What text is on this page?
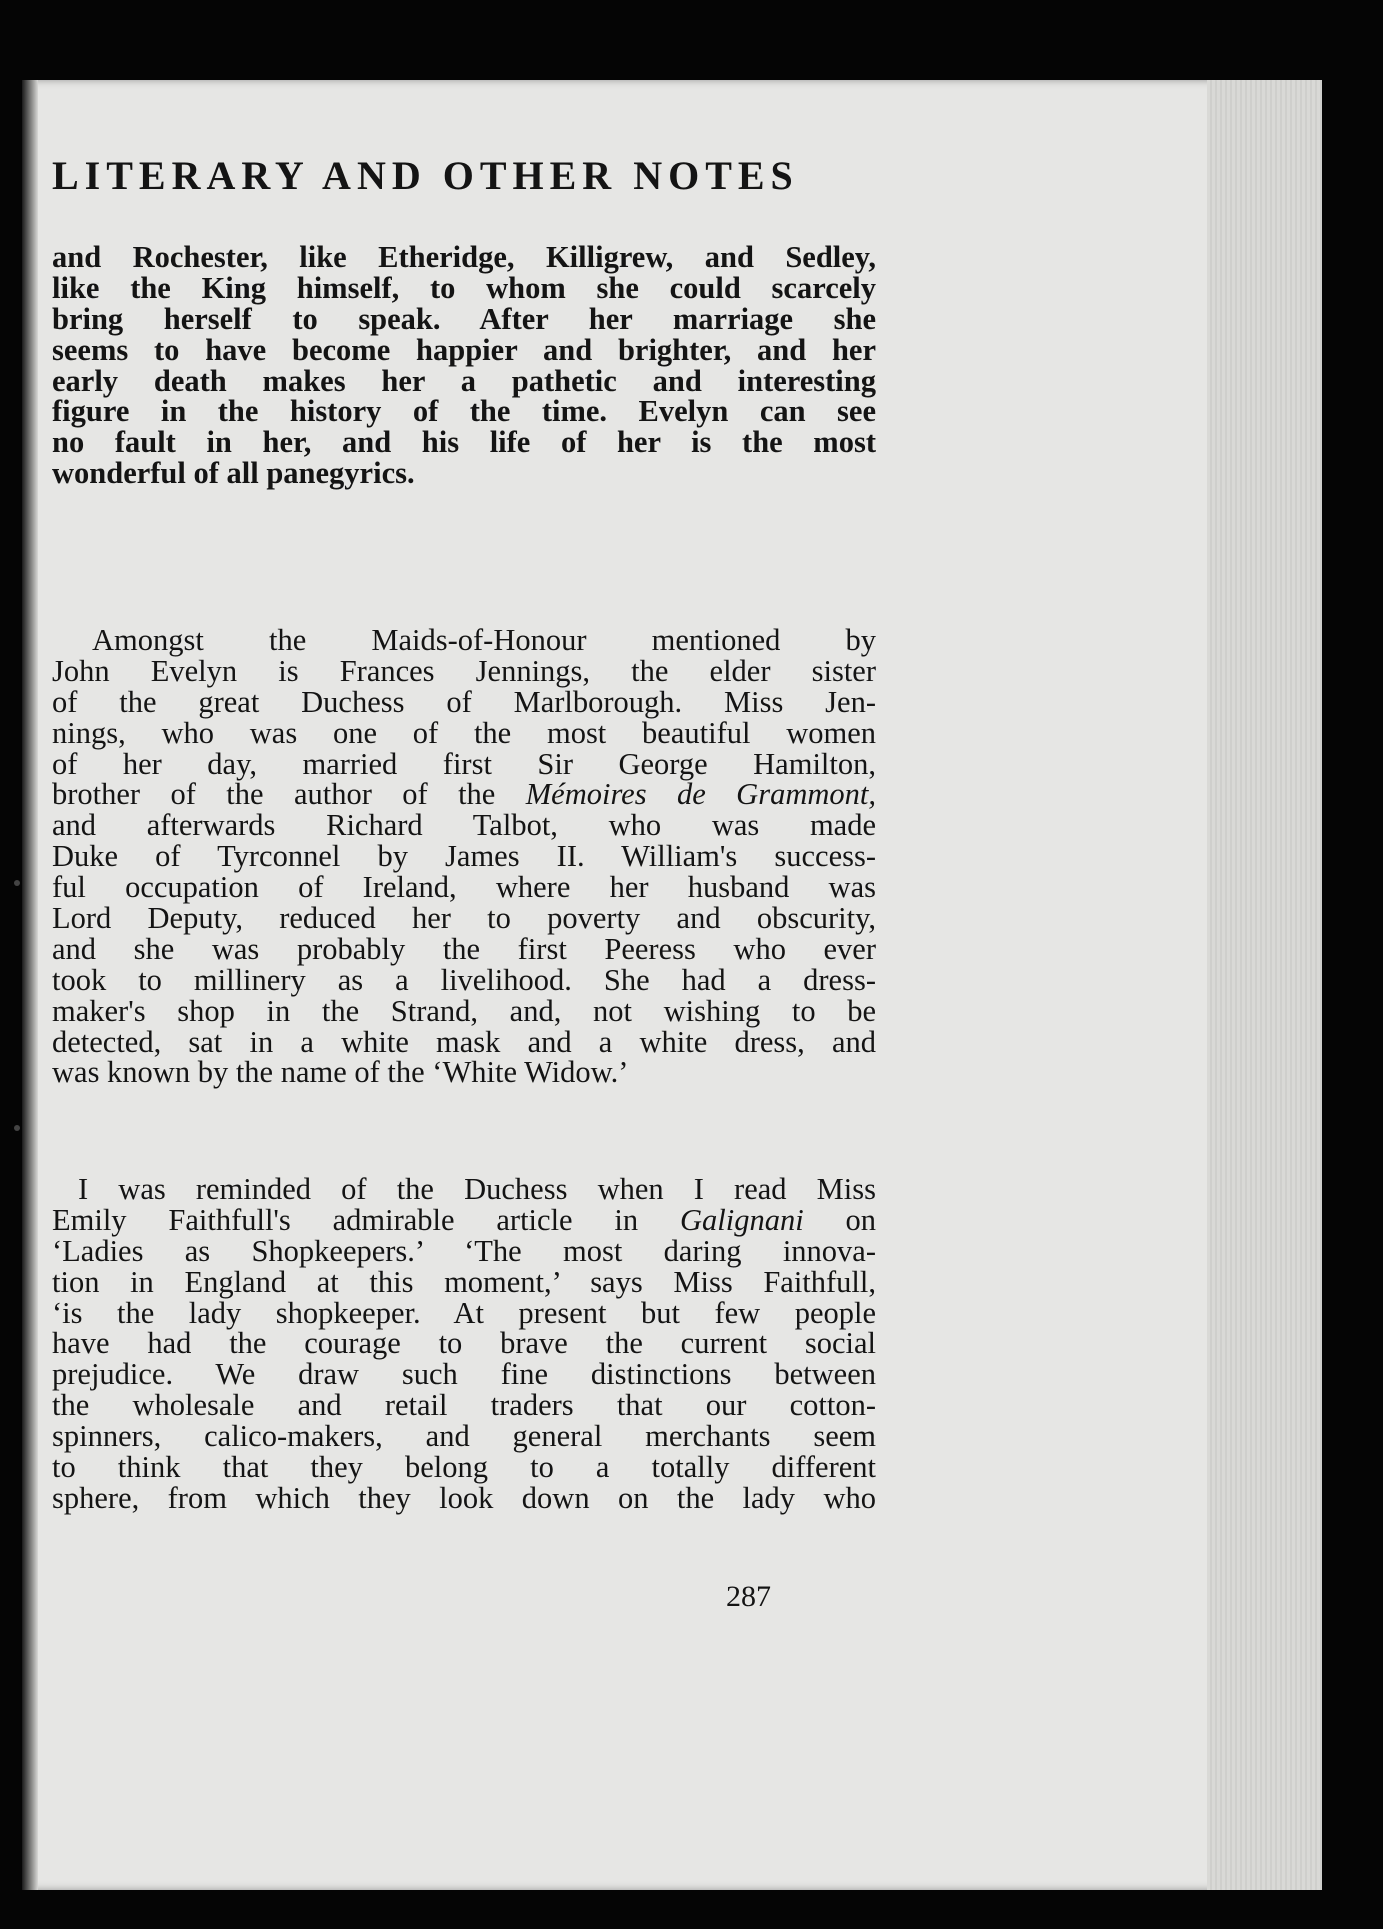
LITERARY AND OTHER NOTES
and Rochester, like Etheridge, Killigrew, and Sedley,
like the King himself, to whom she could scarcely
bring herself to speak. After her marriage she
seems to have become happier and brighter, and her
early death makes her a pathetic and interesting
figure in the history of the time. Evelyn can see
no fault in her, and his life of her is the most
wonderful of all panegyrics.
Amongst the Maids-of-Honour mentioned by
John Evelyn is Frances Jennings, the elder sister
of the great Duchess of Marlborough. Miss Jen-
nings, who was one of the most beautiful women
of her day, married first Sir George Hamilton,
brother of the author of the Mémoires de Grammont,
and afterwards Richard Talbot, who was made
Duke of Tyrconnel by James II. William's success-
ful occupation of Ireland, where her husband was
Lord Deputy, reduced her to poverty and obscurity,
and she was probably the first Peeress who ever
took to millinery as a livelihood. She had a dress-
maker's shop in the Strand, and, not wishing to be
detected, sat in a white mask and a white dress, and
was known by the name of the ‘White Widow.’
I was reminded of the Duchess when I read Miss
Emily Faithfull's admirable article in Galignani on
‘Ladies as Shopkeepers.’ ‘The most daring innova-
tion in England at this moment,’ says Miss Faithfull,
‘is the lady shopkeeper. At present but few people
have had the courage to brave the current social
prejudice. We draw such fine distinctions between
the wholesale and retail traders that our cotton-
spinners, calico-makers, and general merchants seem
to think that they belong to a totally different
sphere, from which they look down on the lady who
287
